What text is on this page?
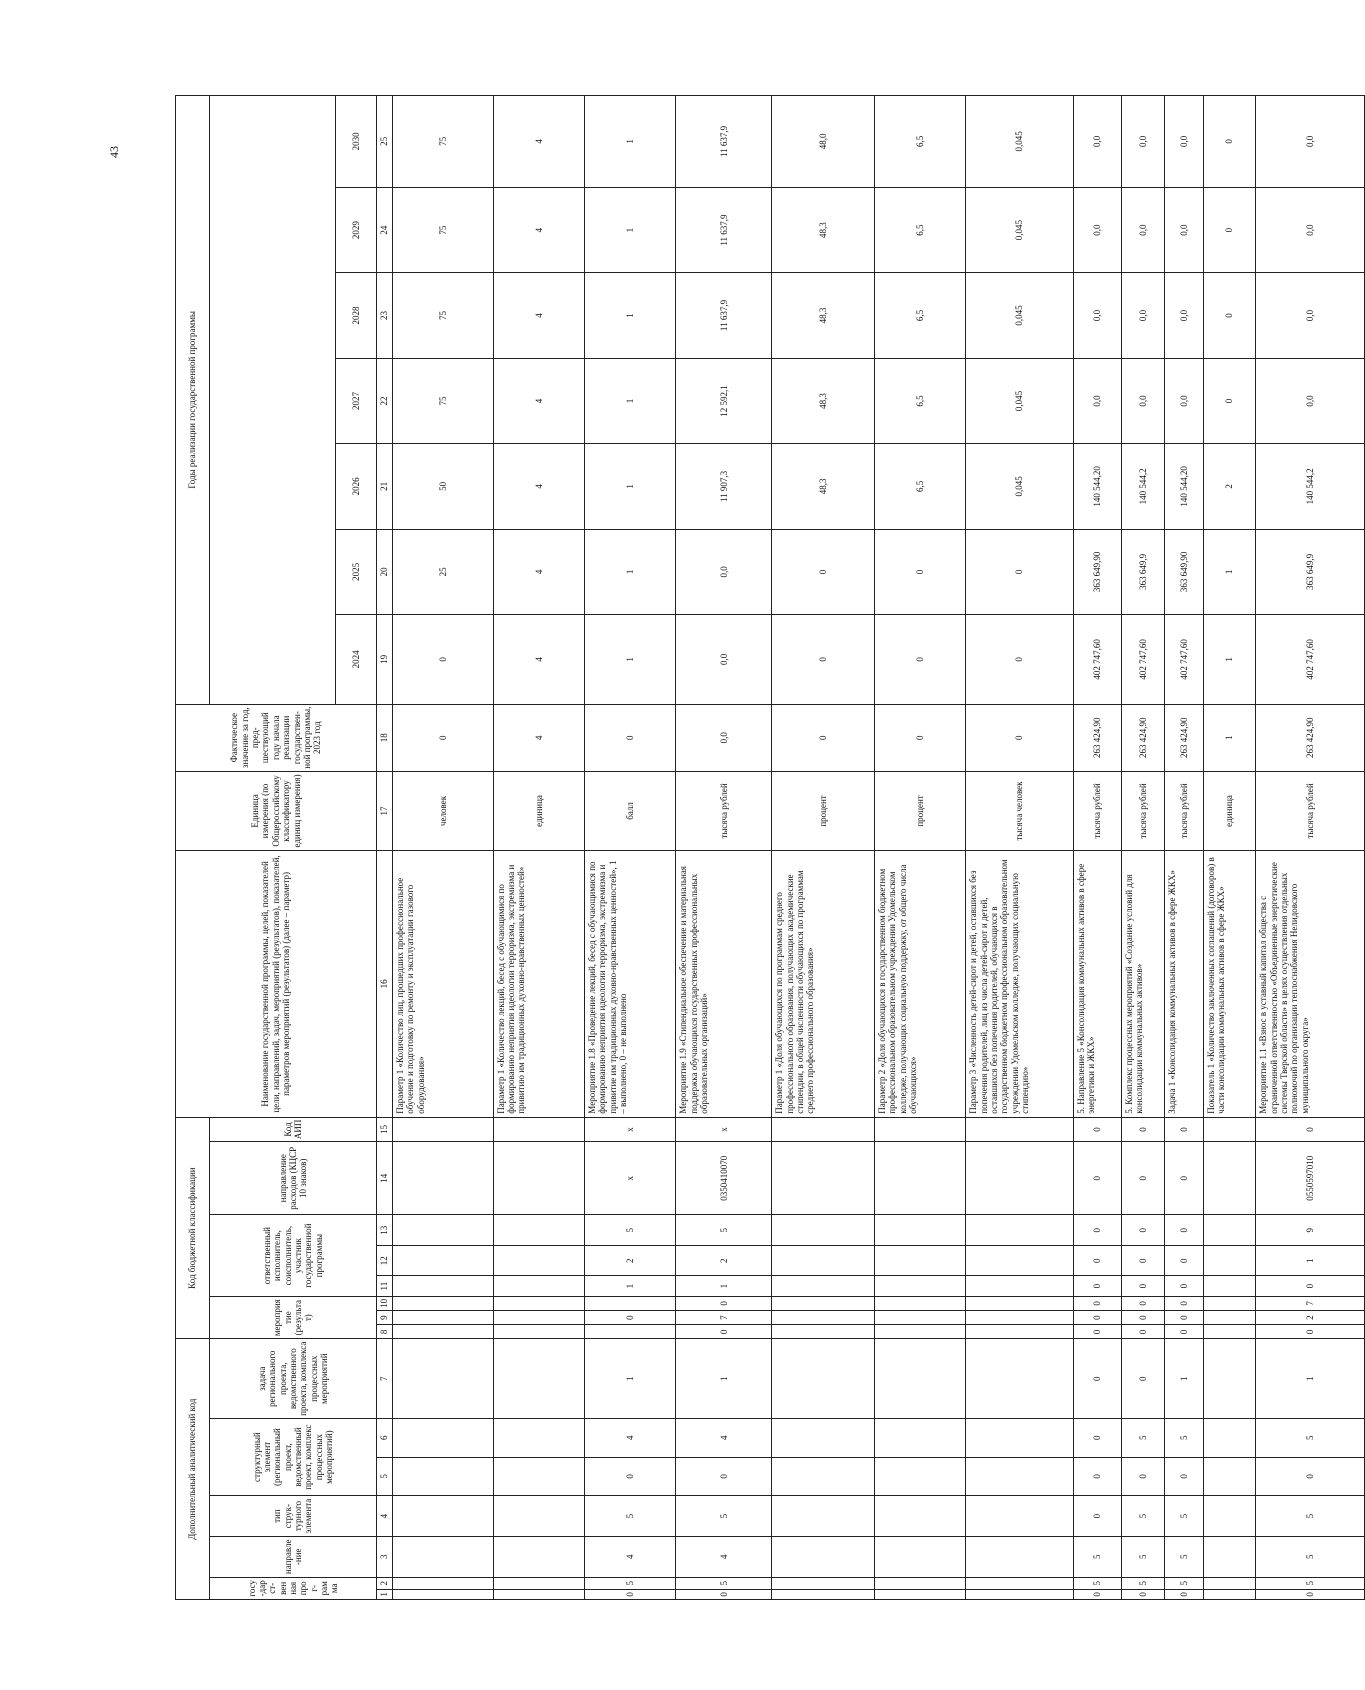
43
Дополнительный аналитический код							Код бюджетной классификации								Наименование государственной программы, целей, показателей цели, направлений, задач, мероприятий (результатов), показателей, параметров мероприятий (результатов) (далее – параметр)	Единица измерения (по Общероссийскому классификатору единиц измерения)	Фактическое значение за год, пред-шествующий году начала реализации государствен-ной программы, 2023 год	Годы реализации государственной программы						
госу-дарст-венная прог-рамма		направле-ние	тип струк-турного элемента	структурный элемент (региональный проект, ведомственный проект, комплекс процессных мероприятий)		задача регионального проекта, ведомственного проекта, комплекса процессных мероприятий	мероприятие (результат)			ответственный исполнитель, соисполнитель, участник государственной программы			направление расходов (КЦСР 10 знаков)	Код АИП										
																		2024	2025	2026	2027	2028	2029	2030
1	2	3	4	5	6	7	8	9	10	11	12	13	14	15	16	17	18	19	20	21	22	23	24	25
															Параметр 1 «Количество лиц, прошедших профессиональное обучение и подготовку по ремонту и эксплуатации газового оборудования»	человек	0	0	25	50	75	75	75	75
															Параметр 1 «Количество лекций, бесед с обучающимися по формированию неприятия идеологии терроризма, экстремизма и привитию им традиционных духовно-нравственных ценностей»	единица	4	4	4	4	4	4	4	4
0	5	4	5	0	4	1		0		1	2	5	х	х	Мероприятие 1.8 «Проведение лекций, бесед с обучающимися по формированию неприятия идеологии терроризма, экстремизма и привитие им традиционных духовно-нравственных ценностей», 1 – выполнено, 0 – не выполнено	балл	0	1	1	1	1	1	1	1
0	5	4	5	0	4	1	0	7	0	1	2	5	0350410070	х	Мероприятие 1.9 «Стипендиальное обеспечение и материальная поддержка обучающихся государственных профессиональных образовательных организаций»	тысяча рублей	0,0	0,0	0,0	11 907,3	12 592,1	11 637,9	11 637,9	11 637,9
															Параметр 1 «Доля обучающихся по программам среднего профессионального образования, получающих академические стипендии, в общей численности обучающихся по программам среднего профессионального образования»	процент	0	0	0	48,3	48,3	48,3	48,3	48,0
															Параметр 2 «Доля обучающихся в государственном бюджетном профессиональном образовательном учреждении Удомельском колледже, получающих социальную поддержку, от общего числа обучающихся»	процент	0	0	0	6,5	6,5	6,5	6,5	6,5
															Параметр 3 «Численность детей-сирот и детей, оставшихся без попечения родителей, лиц из числа детей-сирот и детей, оставшихся без попечения родителей, обучающихся в государственном бюджетном профессиональном образовательном учреждении Удомельском колледже, получающих социальную стипендию»	тысяча человек	0	0	0	0,045	0,045	0,045	0,045	0,045
0	5	5	0	0	0	0	0	0	0	0	0	0	0	0	5. Направление 5 «Консолидация коммунальных активов в сфере энергетики и ЖКХ»	тысяча рублей	263 424,90	402 747,60	363 649,90	140 544,20	0,0	0,0	0,0	0,0
0	5	5	5	0	5	0	0	0	0	0	0	0	0	0	5. Комплекс процессных мероприятий «Создание условий для консолидации коммунальных активов»	тысяча рублей	263 424,90	402 747,60	363 649,9	140 544,2	0,0	0,0	0,0	0,0
0	5	5	5	0	5	1	0	0	0	0	0	0	0	0	Задача 1 «Консолидация коммунальных активов в сфере ЖКХ»	тысяча рублей	263 424,90	402 747,60	363 649,90	140 544,20	0,0	0,0	0,0	0,0
															Показатель 1 «Количество заключенных соглашений (договоров) в части консолидации коммунальных активов в сфере ЖКХ»	единица	1	1	1	2	0	0	0	0
0	5	5	5	0	5	1	0	2	7	0	1	9	0550597010	0	Мероприятие 1.1 «Взнос в уставный капитал общества с ограниченной ответственностью «Объединенные энергетические системы Тверской области» в целях осуществления отдельных полномочий по организации теплоснабжения Нелидовского муниципального округа»	тысяча рублей	263 424,90	402 747,60	363 649,9	140 544,2	0,0	0,0	0,0	0,0
